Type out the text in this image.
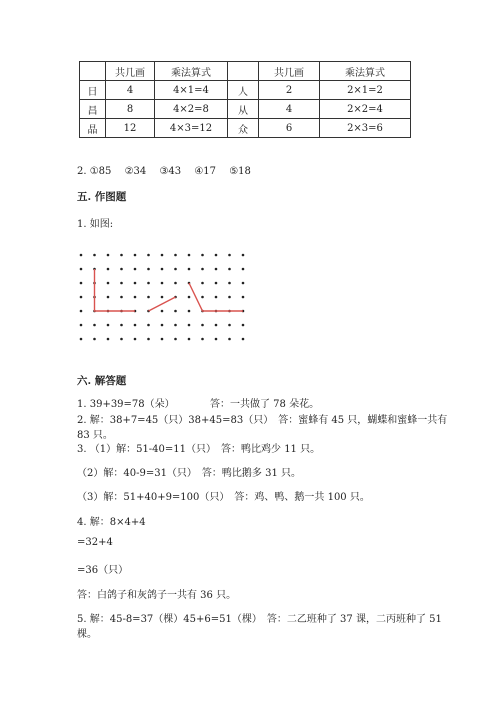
	共几画	乘法算式		共几画	乘法算式
日	4	4×1=4	人	2	2×1=2
昌	8	4×2=8	从	4	2×2=4
晶	12	4×3=12	众	6	2×3=6
2. ①85　 ②34　 ③43　 ④17　 ⑤18
五. 作图题
1. 如图:
六. 解答题
1. 39+39=78（朵）	答：一共做了 78 朵花。
2. 解：38+7=45（只）38+45=83（只）　答：蜜蜂有 45 只，蝴蝶和蜜蜂一共有
83 只。
3. （1）解：51-40=11（只）　答：鸭比鸡少 11 只。
（2）解：40-9=31（只）　答：鸭比鹅多 31 只。
（3）解：51+40+9=100（只）　答：鸡、鸭、鹅一共 100 只。
4. 解：8×4+4
=32+4
=36（只）
答：白鸽子和灰鸽子一共有 36 只。
5. 解：45-8=37（棵）45+6=51（棵）　答：二乙班种了 37 课，二丙班种了 51
棵。
